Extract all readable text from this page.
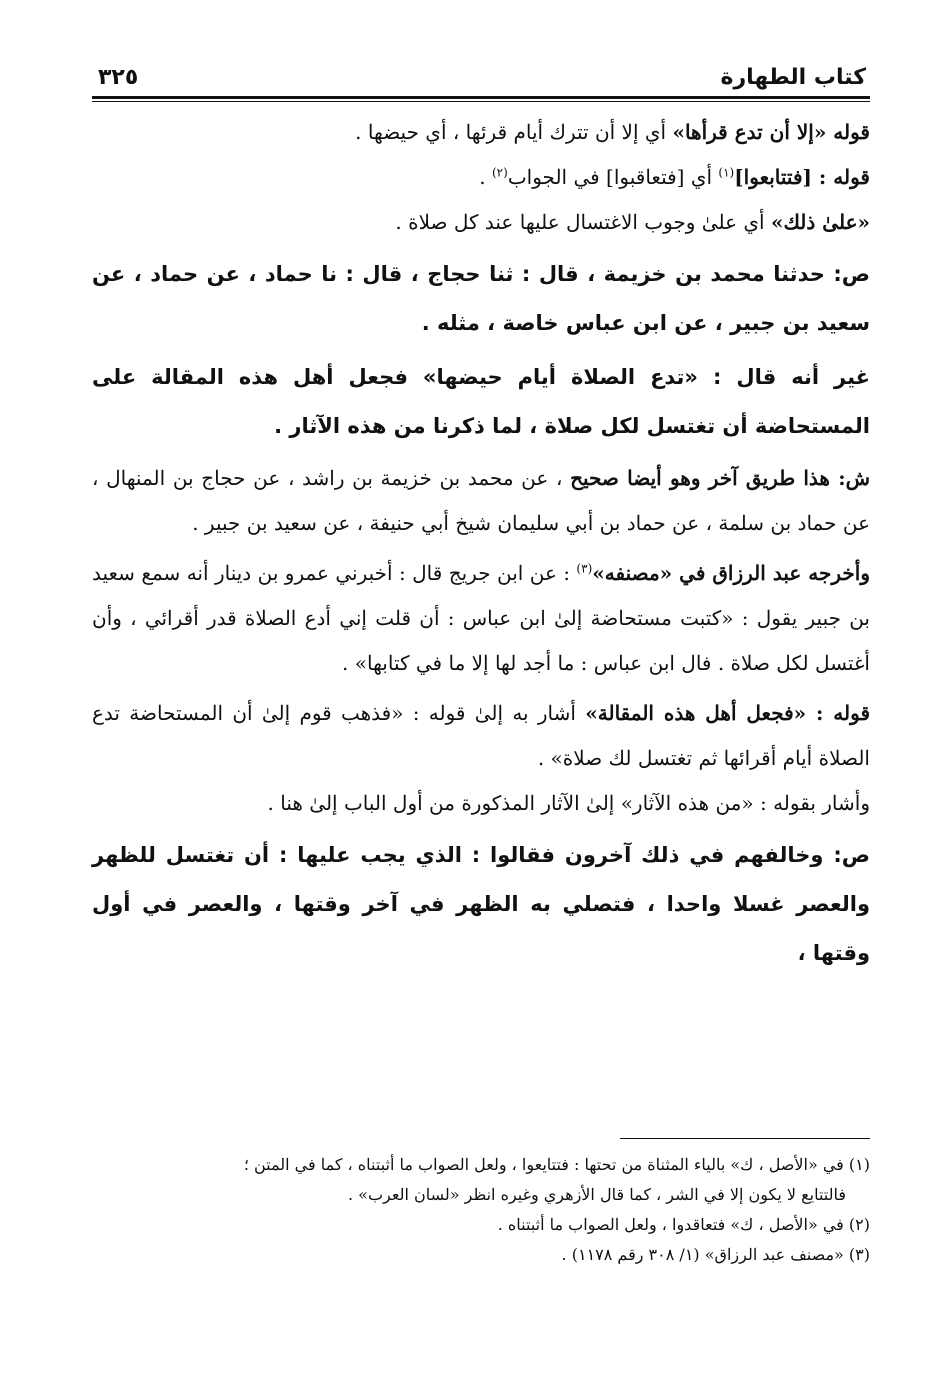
كتاب الطهارة
٣٢٥

قوله «إلا أن تدع قرأها» أي إلا أن تترك أيام قرئها ، أي حيضها .

قوله : [فتتابعوا]$^{(١)}$ أي [فتعاقبوا] في الجواب$^{(٢)}$ .

«علىٰ ذلك» أي علىٰ وجوب الاغتسال عليها عند كل صلاة .

ص: حدثنا محمد بن خزيمة ، قال : ثنا حجاج ، قال : نا حماد ، عن حماد ، عن سعيد بن جبير ، عن ابن عباس خاصة ، مثله .

غير أنه قال : «تدع الصلاة أيام حيضها» فجعل أهل هذه المقالة على المستحاضة أن تغتسل لكل صلاة ، لما ذكرنا من هذه الآثار .

ش: هذا طريق آخر وهو أيضا صحيح ، عن محمد بن خزيمة بن راشد ، عن حجاج بن المنهال ، عن حماد بن سلمة ، عن حماد بن أبي سليمان شيخ أبي حنيفة ، عن سعيد بن جبير .

وأخرجه عبد الرزاق في «مصنفه»$^{(٣)}$ : عن ابن جريج قال : أخبرني عمرو بن دينار أنه سمع سعيد بن جبير يقول : «كتبت مستحاضة إلىٰ ابن عباس : أن قلت إني أدع الصلاة قدر أقرائي ، وأن أغتسل لكل صلاة . فال ابن عباس : ما أجد لها إلا ما في كتابها» .

قوله : «فجعل أهل هذه المقالة» أشار به إلىٰ قوله : «فذهب قوم إلىٰ أن المستحاضة تدع الصلاة أيام أقرائها ثم تغتسل لك صلاة» .

وأشار بقوله : «من هذه الآثار» إلىٰ الآثار المذكورة من أول الباب إلىٰ هنا .

ص: وخالفهم في ذلك آخرون فقالوا : الذي يجب عليها : أن تغتسل للظهر والعصر غسلا واحدا ، فتصلي به الظهر في آخر وقتها ، والعصر في أول وقتها ،

(١) في «الأصل ، ك» بالياء المثناة من تحتها : فتتايعوا ، ولعل الصواب ما أثبتناه ، كما في المتن ؛

فالتتايع لا يكون إلا في الشر ، كما قال الأزهري وغيره انظر «لسان العرب» .

(٢) في «الأصل ، ك» فتعاقدوا ، ولعل الصواب ما أثبتناه .

(٣) «مصنف عبد الرزاق» (١/ ٣٠٨ رقم ١١٧٨) .
